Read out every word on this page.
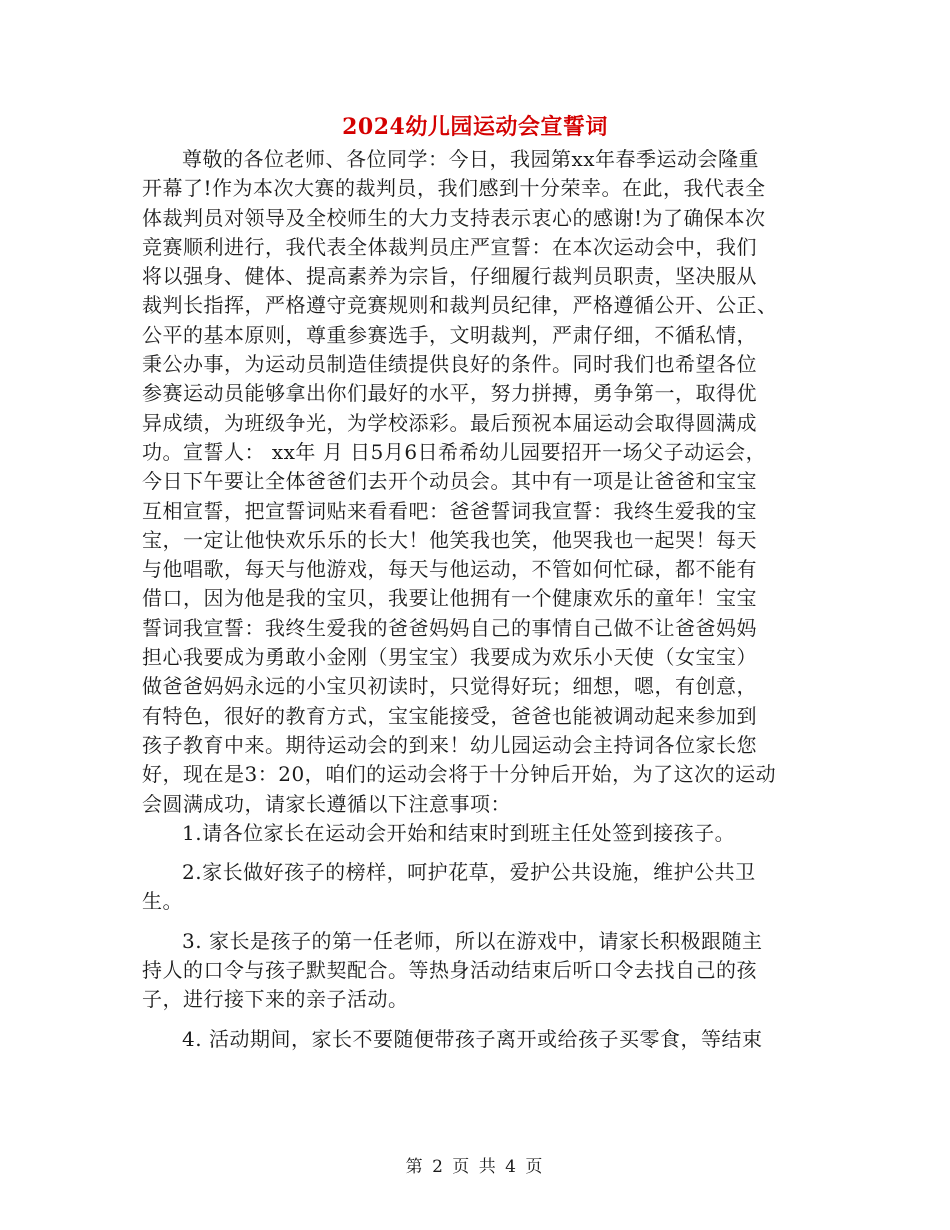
2024幼儿园运动会宣誓词
尊敬的各位老师、各位同学：今日，我园第xx年春季运动会隆重
开幕了!作为本次大赛的裁判员，我们感到十分荣幸。在此，我代表全
体裁判员对领导及全校师生的大力支持表示衷心的感谢!为了确保本次
竞赛顺利进行，我代表全体裁判员庄严宣誓：在本次运动会中，我们
将以强身、健体、提高素养为宗旨，仔细履行裁判员职责，坚决服从
裁判长指挥，严格遵守竞赛规则和裁判员纪律，严格遵循公开、公正、
公平的基本原则，尊重参赛选手，文明裁判，严肃仔细，不循私情，
秉公办事，为运动员制造佳绩提供良好的条件。同时我们也希望各位
参赛运动员能够拿出你们最好的水平，努力拼搏，勇争第一，取得优
异成绩，为班级争光，为学校添彩。最后预祝本届运动会取得圆满成
功。宣誓人： xx年 月 日5月6日希希幼儿园要招开一场父子动运会，
今日下午要让全体爸爸们去开个动员会。其中有一项是让爸爸和宝宝
互相宣誓，把宣誓词贴来看看吧：爸爸誓词我宣誓：我终生爱我的宝
宝，一定让他快欢乐乐的长大！他笑我也笑，他哭我也一起哭！每天
与他唱歌，每天与他游戏，每天与他运动，不管如何忙碌，都不能有
借口，因为他是我的宝贝，我要让他拥有一个健康欢乐的童年！宝宝
誓词我宣誓：我终生爱我的爸爸妈妈自己的事情自己做不让爸爸妈妈
担心我要成为勇敢小金刚（男宝宝）我要成为欢乐小天使（女宝宝）
做爸爸妈妈永远的小宝贝初读时，只觉得好玩；细想，嗯，有创意，
有特色，很好的教育方式，宝宝能接受，爸爸也能被调动起来参加到
孩子教育中来。期待运动会的到来！幼儿园运动会主持词各位家长您
好，现在是3：20，咱们的运动会将于十分钟后开始，为了这次的运动
会圆满成功，请家长遵循以下注意事项：
1.请各位家长在运动会开始和结束时到班主任处签到接孩子。
2.家长做好孩子的榜样，呵护花草，爱护公共设施，维护公共卫
生。
3. 家长是孩子的第一任老师，所以在游戏中，请家长积极跟随主
持人的口令与孩子默契配合。等热身活动结束后听口令去找自己的孩
子，进行接下来的亲子活动。
4. 活动期间，家长不要随便带孩子离开或给孩子买零食，等结束
第 2 页 共 4 页
